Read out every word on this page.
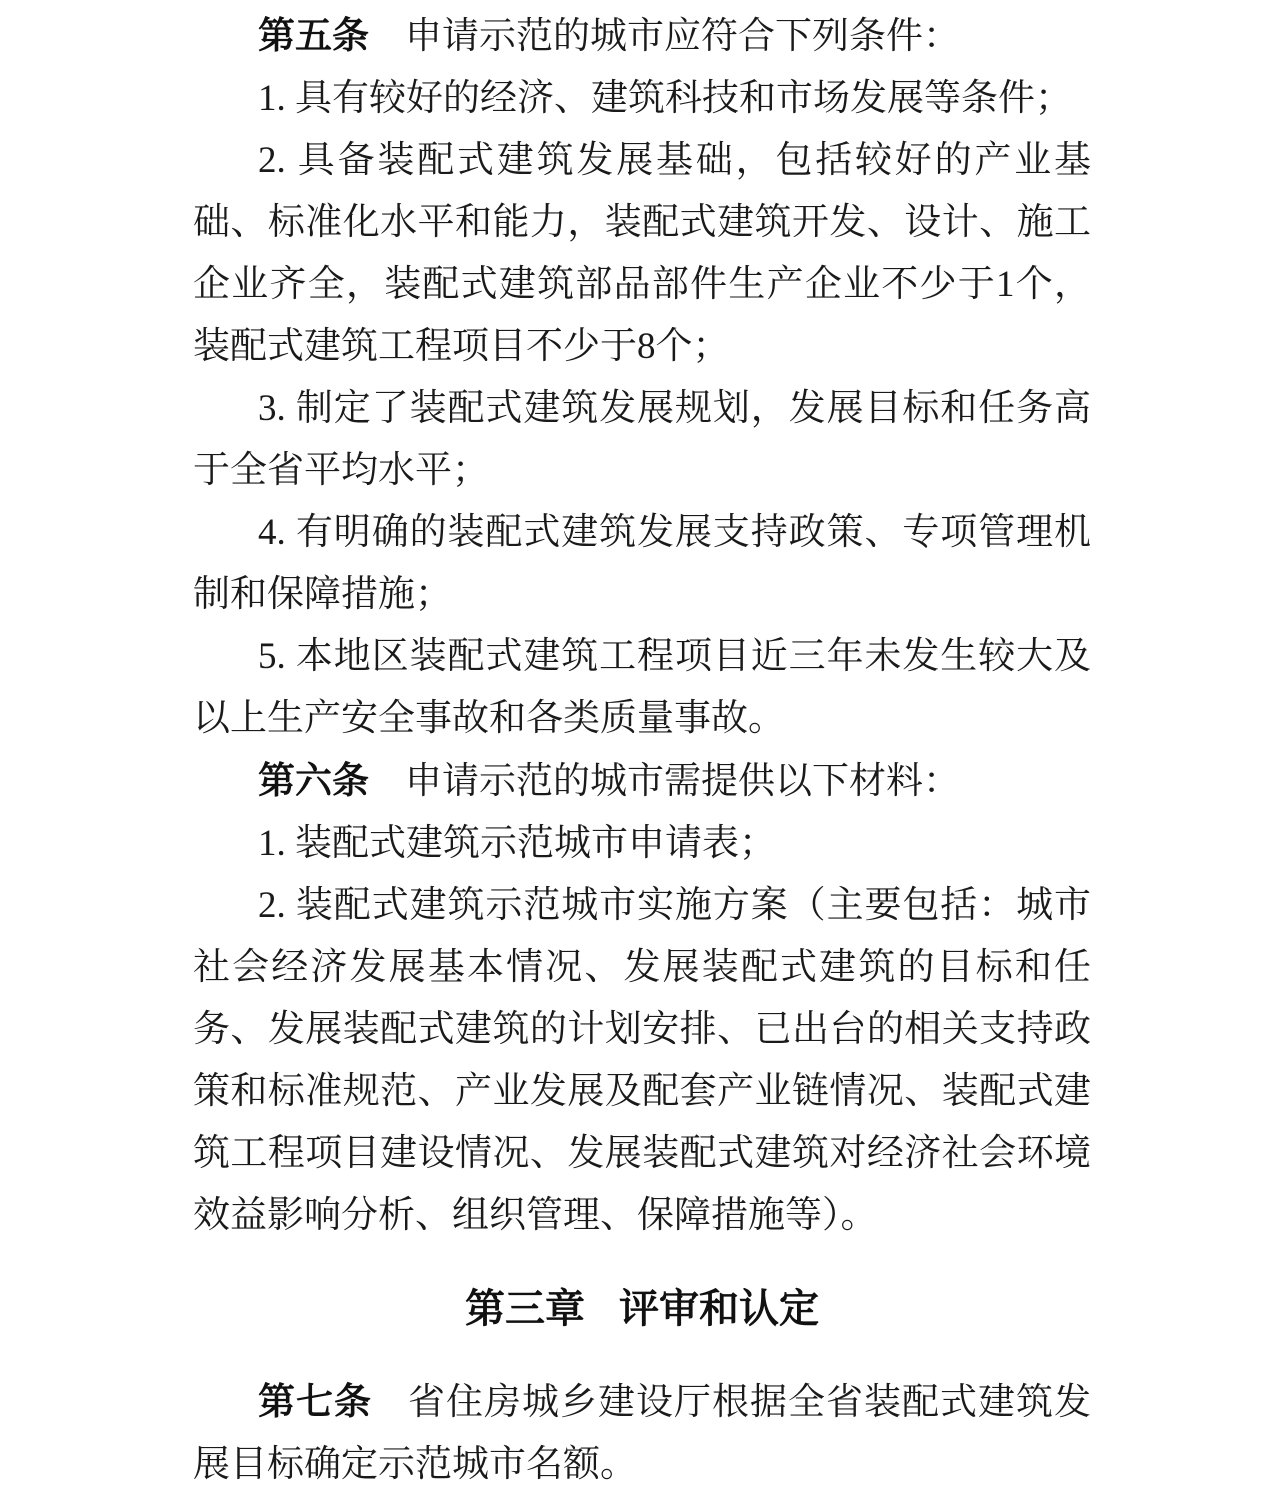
第五条 申请示范的城市应符合下列条件：

1. 具有较好的经济、建筑科技和市场发展等条件；

2. 具备装配式建筑发展基础，包括较好的产业基础、标准化水平和能力，装配式建筑开发、设计、施工企业齐全，装配式建筑部品部件生产企业不少于1个，装配式建筑工程项目不少于8个；

3. 制定了装配式建筑发展规划，发展目标和任务高于全省平均水平；

4. 有明确的装配式建筑发展支持政策、专项管理机制和保障措施；

5. 本地区装配式建筑工程项目近三年未发生较大及以上生产安全事故和各类质量事故。

第六条 申请示范的城市需提供以下材料：

1. 装配式建筑示范城市申请表；

2. 装配式建筑示范城市实施方案（主要包括：城市社会经济发展基本情况、发展装配式建筑的目标和任务、发展装配式建筑的计划安排、已出台的相关支持政策和标准规范、产业发展及配套产业链情况、装配式建筑工程项目建设情况、发展装配式建筑对经济社会环境效益影响分析、组织管理、保障措施等）。

第三章 评审和认定

第七条 省住房城乡建设厅根据全省装配式建筑发展目标确定示范城市名额。
